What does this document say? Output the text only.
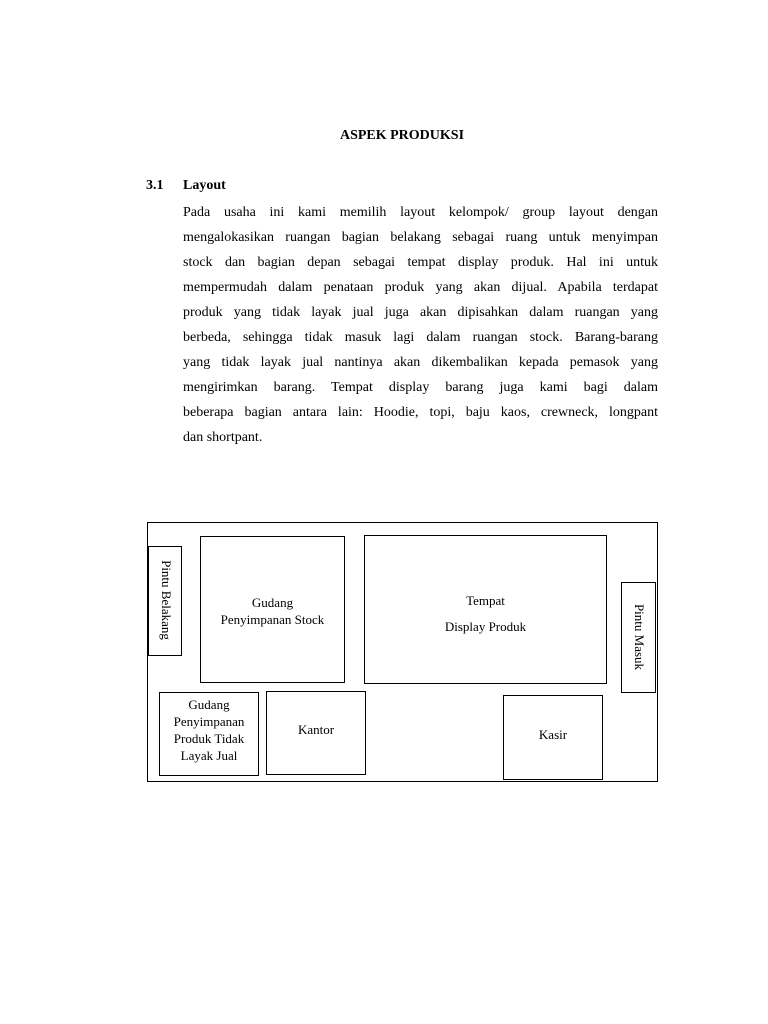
ASPEK PRODUKSI
3.1 Layout
Pada usaha ini kami memilih layout kelompok/ group layout dengan
mengalokasikan ruangan bagian belakang sebagai ruang untuk menyimpan
stock dan bagian depan sebagai tempat display produk. Hal ini untuk
mempermudah dalam penataan produk yang akan dijual. Apabila terdapat
produk yang tidak layak jual juga akan dipisahkan dalam ruangan yang
berbeda, sehingga tidak masuk lagi dalam ruangan stock. Barang-barang
yang tidak layak jual nantinya akan dikembalikan kepada pemasok yang
mengirimkan barang. Tempat display barang juga kami bagi dalam
beberapa bagian antara lain: Hoodie, topi, baju kaos, crewneck, longpant
dan shortpant.
Pintu Belakang	Gudang
Penyimpanan Stock
Tempat
Display Produk	Pintu Masuk
Gudang
Penyimpanan
Produk Tidak
Layak Jual
Kantor	Kasir
